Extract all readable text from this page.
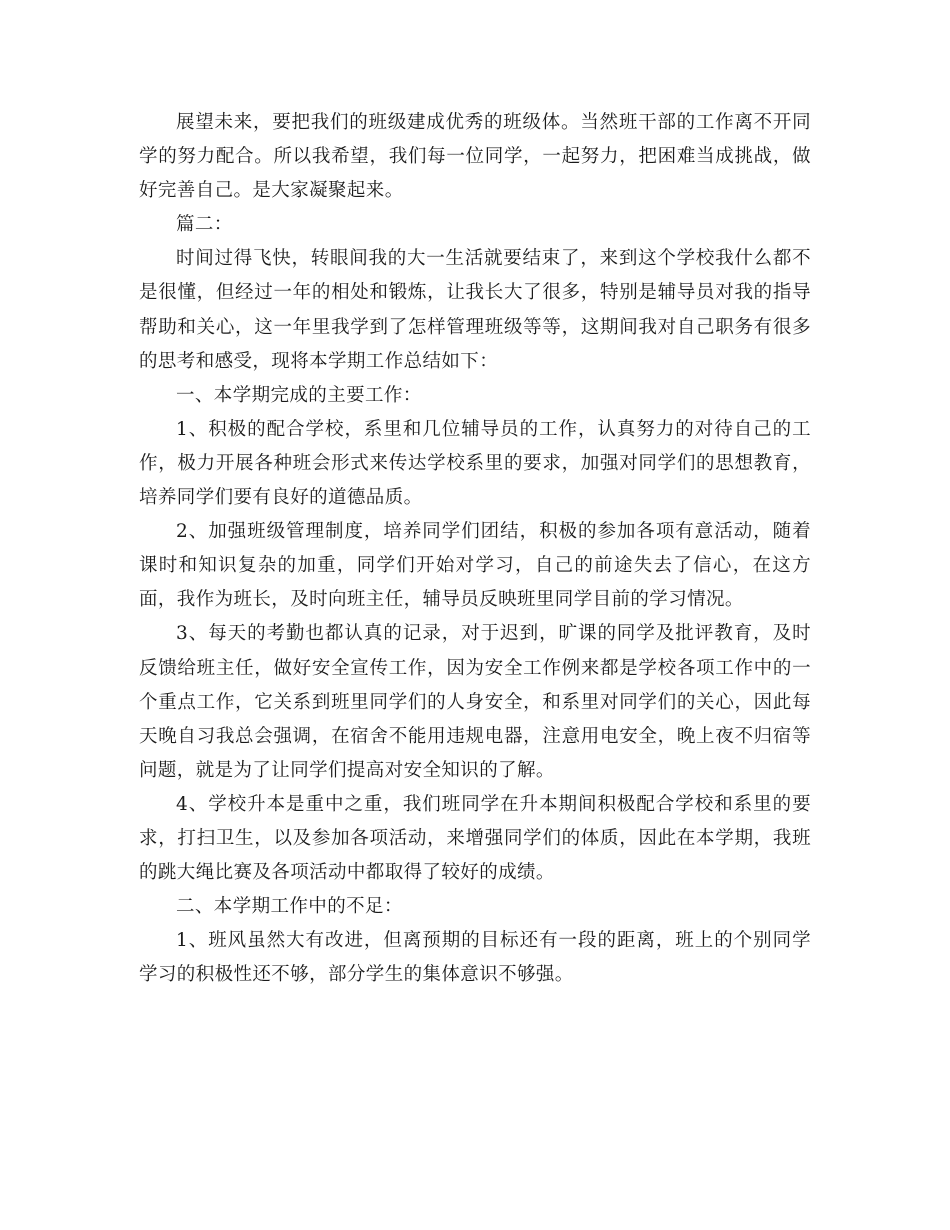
展望未来，要把我们的班级建成优秀的班级体。当然班干部的工作离不开同学的努力配合。所以我希望，我们每一位同学，一起努力，把困难当成挑战，做好完善自己。是大家凝聚起来。

篇二：

时间过得飞快，转眼间我的大一生活就要结束了，来到这个学校我什么都不是很懂，但经过一年的相处和锻炼，让我长大了很多，特别是辅导员对我的指导帮助和关心，这一年里我学到了怎样管理班级等等，这期间我对自己职务有很多的思考和感受，现将本学期工作总结如下：

一、本学期完成的主要工作：

1、积极的配合学校，系里和几位辅导员的工作，认真努力的对待自己的工作，极力开展各种班会形式来传达学校系里的要求，加强对同学们的思想教育，培养同学们要有良好的道德品质。

2、加强班级管理制度，培养同学们团结，积极的参加各项有意活动，随着课时和知识复杂的加重，同学们开始对学习，自己的前途失去了信心，在这方面，我作为班长，及时向班主任，辅导员反映班里同学目前的学习情况。

3、每天的考勤也都认真的记录，对于迟到，旷课的同学及批评教育，及时反馈给班主任，做好安全宣传工作，因为安全工作例来都是学校各项工作中的一个重点工作，它关系到班里同学们的人身安全，和系里对同学们的关心，因此每天晚自习我总会强调，在宿舍不能用违规电器，注意用电安全，晚上夜不归宿等问题，就是为了让同学们提高对安全知识的了解。

4、学校升本是重中之重，我们班同学在升本期间积极配合学校和系里的要求，打扫卫生，以及参加各项活动，来增强同学们的体质，因此在本学期，我班的跳大绳比赛及各项活动中都取得了较好的成绩。

二、本学期工作中的不足：

1、班风虽然大有改进，但离预期的目标还有一段的距离，班上的个别同学学习的积极性还不够，部分学生的集体意识不够强。
